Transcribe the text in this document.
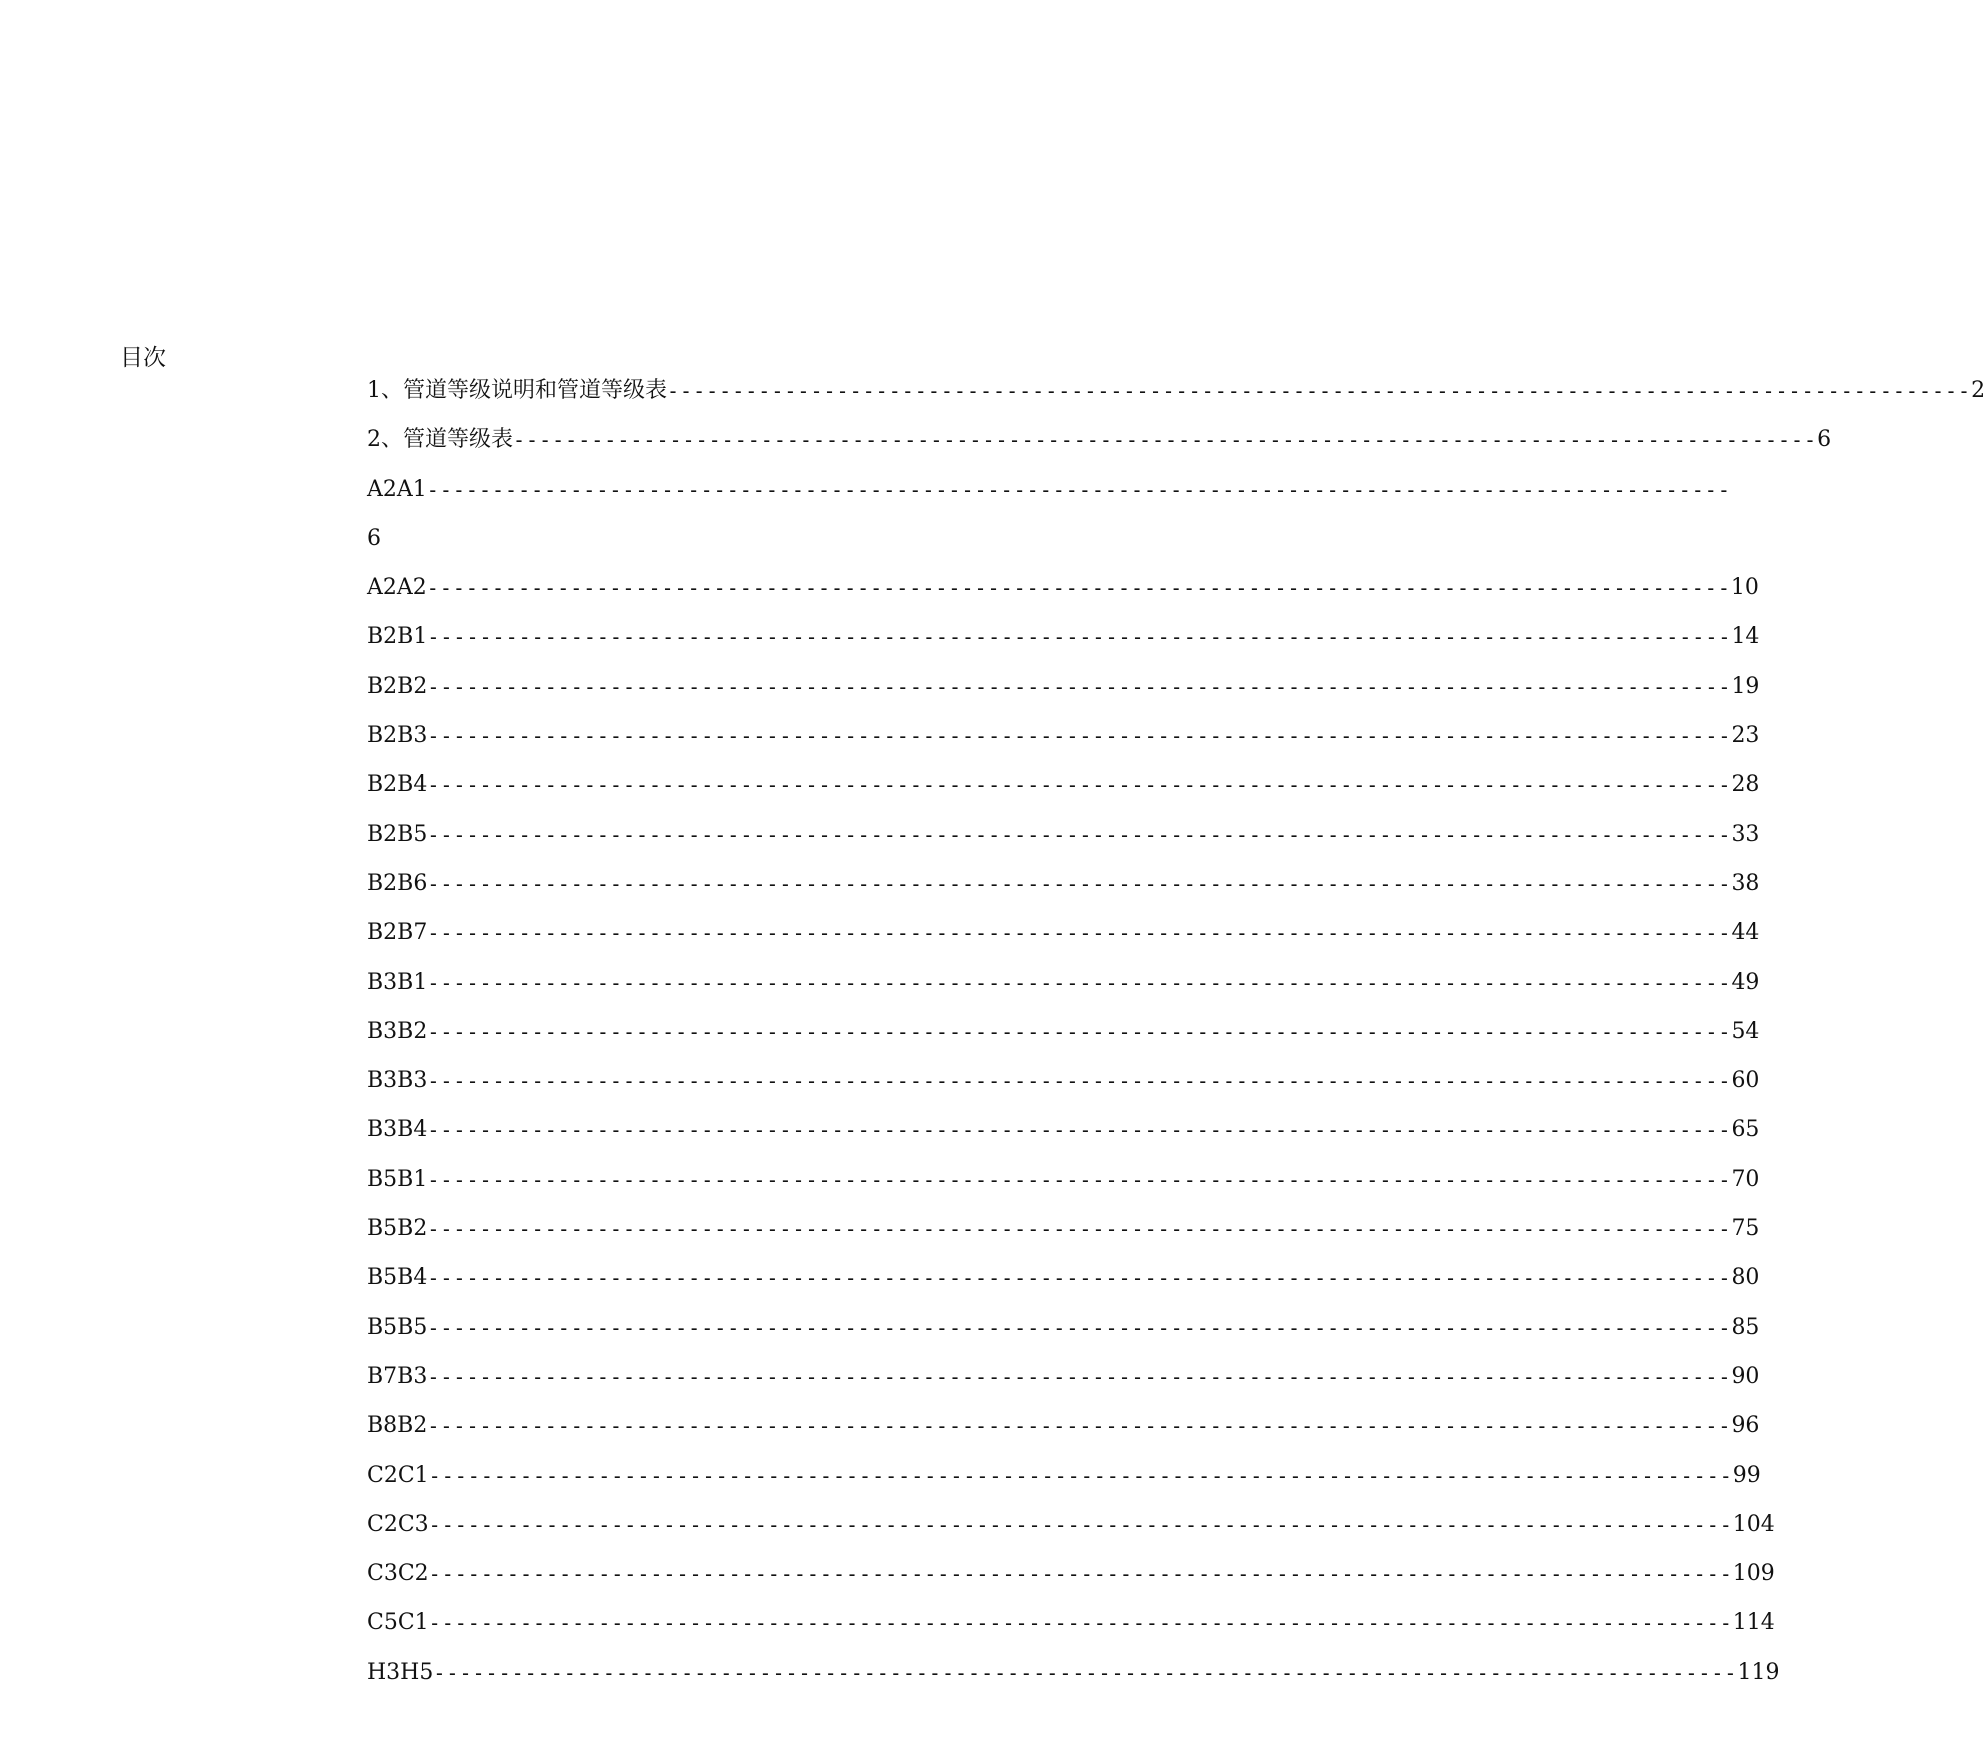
目次
1、管道等级说明和管道等级表 ---------------------------------------------------------------------------------------------------- 2
2、管道等级表 ---------------------------------------------------------------------------------------------------- 6
A2A1 ----------------------------------------------------------------------------------------------------
6
A2A2 ---------------------------------------------------------------------------------------------------- 10
B2B1 ---------------------------------------------------------------------------------------------------- 14
B2B2 ---------------------------------------------------------------------------------------------------- 19
B2B3 ---------------------------------------------------------------------------------------------------- 23
B2B4 ---------------------------------------------------------------------------------------------------- 28
B2B5 ---------------------------------------------------------------------------------------------------- 33
B2B6 ---------------------------------------------------------------------------------------------------- 38
B2B7 ---------------------------------------------------------------------------------------------------- 44
B3B1 ---------------------------------------------------------------------------------------------------- 49
B3B2 ---------------------------------------------------------------------------------------------------- 54
B3B3 ---------------------------------------------------------------------------------------------------- 60
B3B4 ---------------------------------------------------------------------------------------------------- 65
B5B1 ---------------------------------------------------------------------------------------------------- 70
B5B2 ---------------------------------------------------------------------------------------------------- 75
B5B4 ---------------------------------------------------------------------------------------------------- 80
B5B5 ---------------------------------------------------------------------------------------------------- 85
B7B3 ---------------------------------------------------------------------------------------------------- 90
B8B2 ---------------------------------------------------------------------------------------------------- 96
C2C1 ---------------------------------------------------------------------------------------------------- 99
C2C3 ---------------------------------------------------------------------------------------------------- 104
C3C2 ---------------------------------------------------------------------------------------------------- 109
C5C1 ---------------------------------------------------------------------------------------------------- 114
H3H5 ---------------------------------------------------------------------------------------------------- 119
